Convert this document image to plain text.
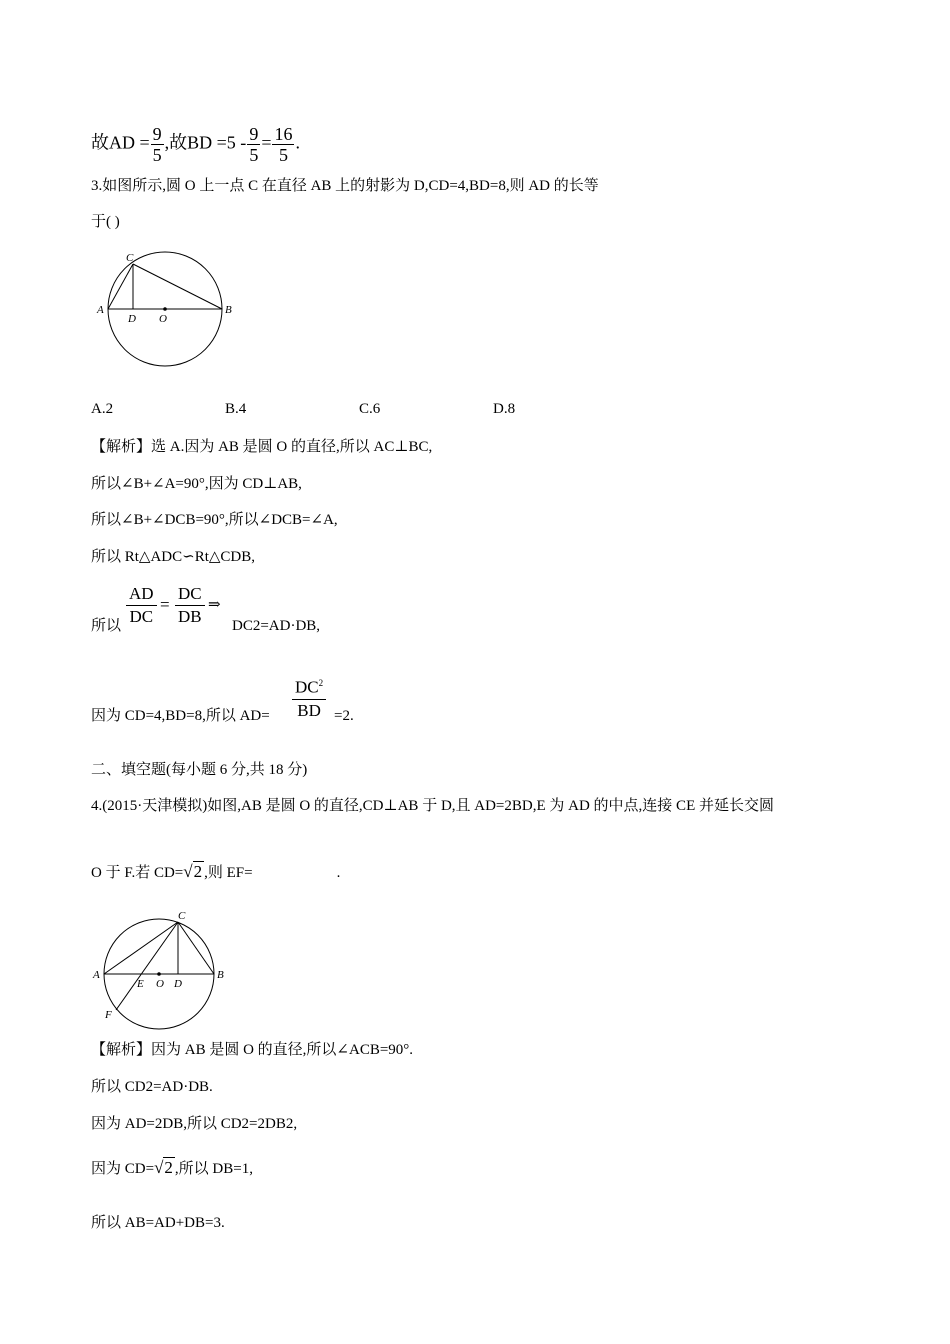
故AD = $\frac{9}{5}$ ,故BD $=5 - \frac{9}{5} = \frac{16}{5}$ .
3.如图所示,圆 O 上一点 C 在直径 AB 上的射影为 D,CD=4,BD=8,则 AD 的长等
于( )
C
A
D O
B
A.2	B.4	C.6	D.8
【解析】选 A.因为 AB 是圆 O 的直径,所以 AC⊥BC,
所以∠B+∠A=90°,因为 CD⊥AB,
所以∠B+∠DCB=90°,所以∠DCB=∠A,
所以 Rt△ADC∽Rt△CDB,
所以 $\frac{AD}{DC} = \frac{DC}{DB}$ ⇒
DC2=AD·DB,
因为 CD=4,BD=8,所以 $AD= \frac{DC^2}{BD} =2$.
二、填空题(每小题 6 分,共 18 分)
4.(2015·天津模拟)如图,AB 是圆 O 的直径,CD⊥AB 于 D,且 AD=2BD,E 为 AD 的中点,连接 CE 并延长交圆
O 于 F.若 CD=√2 ,则 EF=	.
C
A
E O D
B
F
【解析】因为 AB 是圆 O 的直径,所以∠ACB=90°.
所以 CD2=AD·DB.
因为 AD=2DB,所以 CD2=2DB2,
因为 CD=√2 ,所以 DB=1,
所以 AB=AD+DB=3.
